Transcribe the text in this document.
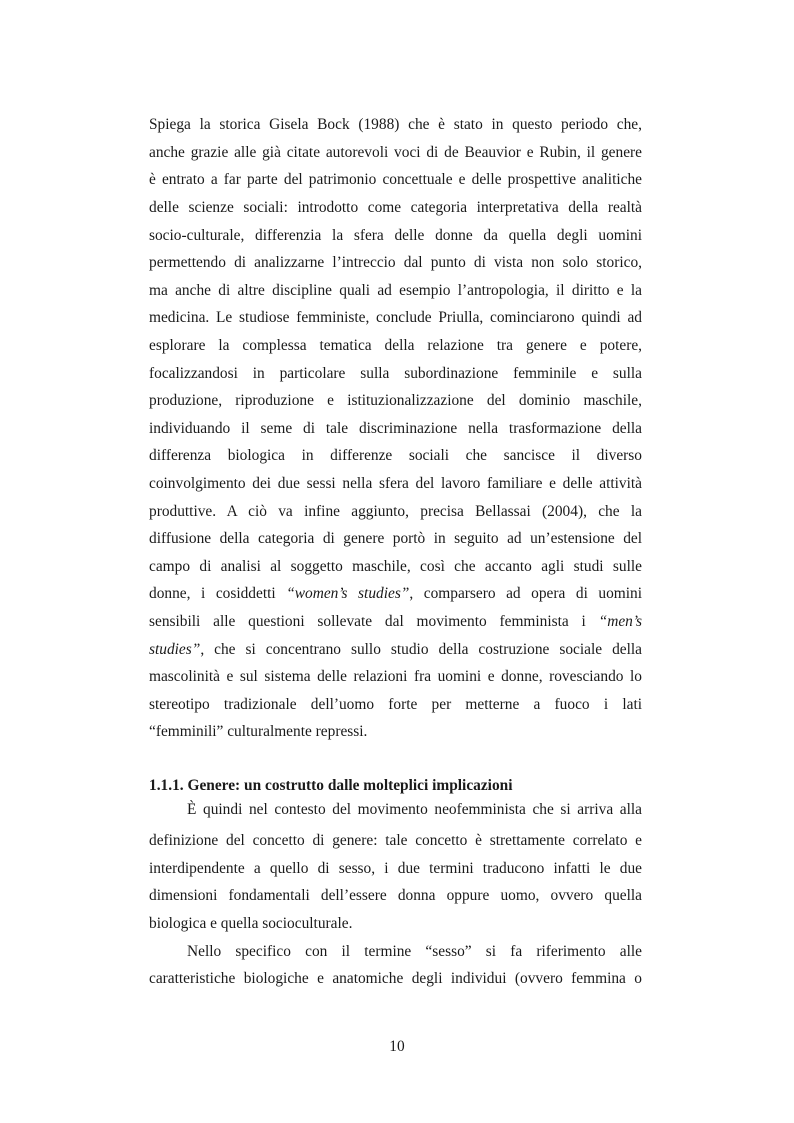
Spiega la storica Gisela Bock (1988) che è stato in questo periodo che,
anche grazie alle già citate autorevoli voci di de Beauvior e Rubin, il genere
è entrato a far parte del patrimonio concettuale e delle prospettive analitiche
delle scienze sociali: introdotto come categoria interpretativa della realtà
socio-culturale, differenzia la sfera delle donne da quella degli uomini
permettendo di analizzarne l’intreccio dal punto di vista non solo storico,
ma anche di altre discipline quali ad esempio l’antropologia, il diritto e la
medicina. Le studiose femministe, conclude Priulla, cominciarono quindi ad
esplorare la complessa tematica della relazione tra genere e potere,
focalizzandosi in particolare sulla subordinazione femminile e sulla
produzione, riproduzione e istituzionalizzazione del dominio maschile,
individuando il seme di tale discriminazione nella trasformazione della
differenza biologica in differenze sociali che sancisce il diverso
coinvolgimento dei due sessi nella sfera del lavoro familiare e delle attività
produttive. A ciò va infine aggiunto, precisa Bellassai (2004), che la
diffusione della categoria di genere portò in seguito ad un’estensione del
campo di analisi al soggetto maschile, così che accanto agli studi sulle
donne, i cosiddetti “women’s studies”, comparsero ad opera di uomini
sensibili alle questioni sollevate dal movimento femminista i “men’s
studies”, che si concentrano sullo studio della costruzione sociale della
mascolinità e sul sistema delle relazioni fra uomini e donne, rovesciando lo
stereotipo tradizionale dell’uomo forte per metterne a fuoco i lati
“femminili” culturalmente repressi.
1.1.1. Genere: un costrutto dalle molteplici implicazioni
È quindi nel contesto del movimento neofemminista che si arriva alla
definizione del concetto di genere: tale concetto è strettamente correlato e
interdipendente a quello di sesso, i due termini traducono infatti le due
dimensioni fondamentali dell’essere donna oppure uomo, ovvero quella
biologica e quella socioculturale.
Nello specifico con il termine “sesso” si fa riferimento alle
caratteristiche biologiche e anatomiche degli individui (ovvero femmina o
10
